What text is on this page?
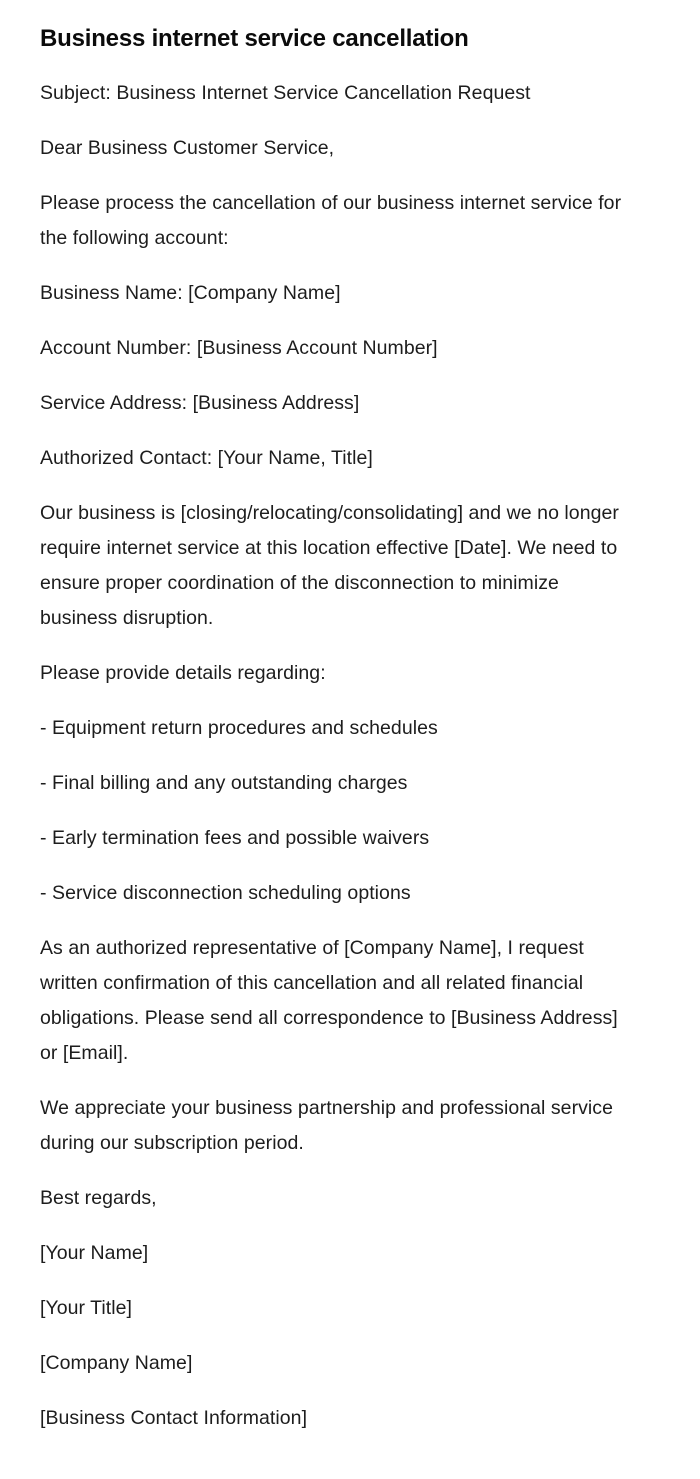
Business internet service cancellation

Subject: Business Internet Service Cancellation Request

Dear Business Customer Service,

Please process the cancellation of our business internet service for the following account:

Business Name: [Company Name]

Account Number: [Business Account Number]

Service Address: [Business Address]

Authorized Contact: [Your Name, Title]

Our business is [closing/relocating/consolidating] and we no longer require internet service at this location effective [Date]. We need to ensure proper coordination of the disconnection to minimize business disruption.

Please provide details regarding:

- Equipment return procedures and schedules

- Final billing and any outstanding charges

- Early termination fees and possible waivers

- Service disconnection scheduling options

As an authorized representative of [Company Name], I request written confirmation of this cancellation and all related financial obligations. Please send all correspondence to [Business Address] or [Email].

We appreciate your business partnership and professional service during our subscription period.

Best regards,

[Your Name]

[Your Title]

[Company Name]

[Business Contact Information]
